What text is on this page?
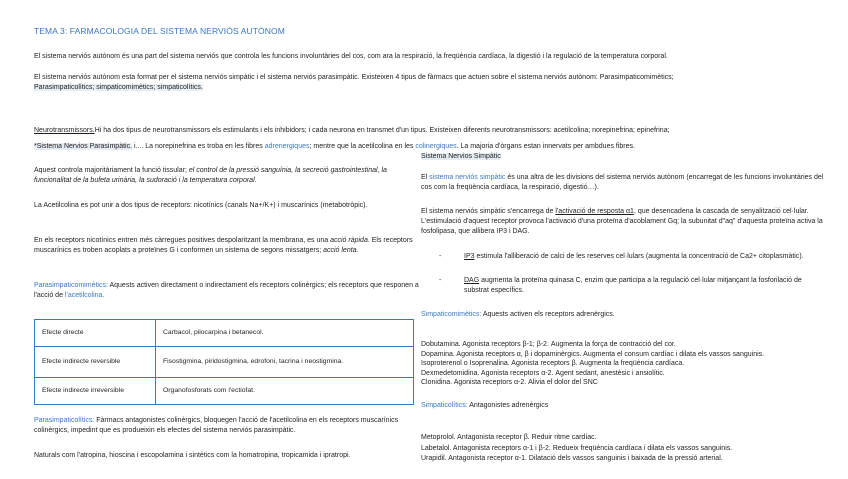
TEMA 3: FARMACOLOGIA DEL SISTEMA NERVIÓS AUTÒNOM
El sistema nerviós autònom és una part del sistema nerviós que controla les funcions involuntàries del cos, com ara la respiració, la freqüència cardíaca, la digestió i la regulació de la temperatura corporal.
El sistema nerviós autònom esta format per el sistema nerviós simpàtic i el sistema nerviós parasimpàtic. Existeixen 4 tipus de fàrmacs que actuen sobre el sistema nerviós autònom: Parasimpaticomimètics;
Parasimpaticolítics; simpaticomimètics; simpaticolítics.
Neurotransmissors.Hi ha dos tipus de neurotransmissors els estimulants i els inhibidors; i cada neurona en transmet d'un tipus. Existeixen diferents neurotransmissors: acetilcolina; norepinefrina; epinefrina;
*Sistema Nervios Parasimpàtic. i.... La norepinefrina es troba en les fibres adrenergiques; mentre que la acetilcolina en les colinergiques. La majoria d'òrgans estan innervats per ambdues fibres.
Sistema Nervios Simpàtic
Aquest controla majoritàriament la funció tissular; el control de la pressió sanguínia, la secreció gastrointestinal, la funcionalitat de la bufeta urinària, la sudoració i la temperatura corporal.
La Acetilcolina es pot unir a dos tipus de receptors: nicotínics (canals Na+/K+) i muscarínics (metabotròpic).
En els receptors nicotínics entren més càrregues positives despolaritzant la membrana, es una acció ràpida. Els receptors muscarínics es troben acoplats a proteïnes G i conformen un sistema de segons missatgers; acció lenta.
Parasimpaticomimètics: Aquests activen directament o indirectament els receptors colinèrgics; els receptors que responen a l'acció de l'acetilcolina.
Efecte directe	Carbacol, pilocarpina i betanecol.
Efecte indirecte reversible	Fisostigmina, piridostigmina, edrofoni, tacrina i neostigmina.
Efecte indirecte irreversible	Organofosforats com l'ectiofat.
Parasimpaticolítics: Fàrmacs antagonistes colinèrgics, bloquegen l'acció de l'acetilcolina en els receptors muscarínics colinèrgics, impedint que es produeixin els efectes del sistema nerviós parasimpàtic.
Naturals com l'atropina, hioscina i escopolamina i sintètics com la homatropina, tropicamida i ipratropi.
El sistema nerviós simpàtic és una altra de les divisions del sistema nerviós autònom (encarregat de les funcions involuntàries del cos com la freqüència cardíaca, la respiració, digestió…).
El sistema nerviós simpàtic s'encarrega de l'activació de resposta α1, que desencadena la cascada de senyalització cel·lular. L'estimulació d'aquest receptor provoca l'activació d'una proteïna d'acoblament Gq; la subunitat d"aq" d'aquesta proteïna activa la fosfolipasa, que allibera IP3 i DAG.
-	IP3 estimula l'alliberació de calci de les reserves cel·lulars (augmenta la concentració de Ca2+ citoplasmàtic).
-	DAG augmenta la proteïna quinasa C, enzim que participa a la regulació cel·lular mitjançant la fosforilació de substrat específics.
Simpaticomimètics: Aquests activen els receptors adrenèrgics.
Dobutamina. Agonista receptors β-1; β-2. Augmenta la força de contracció del cor.
Dopamina. Agonista receptors α, β i dopaminèrgics. Augmenta el consum cardíac i dilata els vassos sanguinis.
Isoproterenol o Isoprenalina. Agonista receptors β. Augmenta la freqüència cardíaca.
Dexmedetomidina. Agonista receptors α-2. Agent sedant, anestèsic i ansiolític.
Clonidina. Agonista receptors α-2. Alivia el dolor del SNC
Simpaticolítics: Antagonistes adrenèrgics
Metoprolol. Antagonista receptor β. Reduir ritme cardíac.
Labetalol. Antagonista receptors α-1 i β-2. Redueix freqüència cardíaca i dilata els vassos sanguinis.
Urapidil. Antagonista receptor α-1. Dilatació dels vassos sanguinis i baixada de la pressió arterial.
